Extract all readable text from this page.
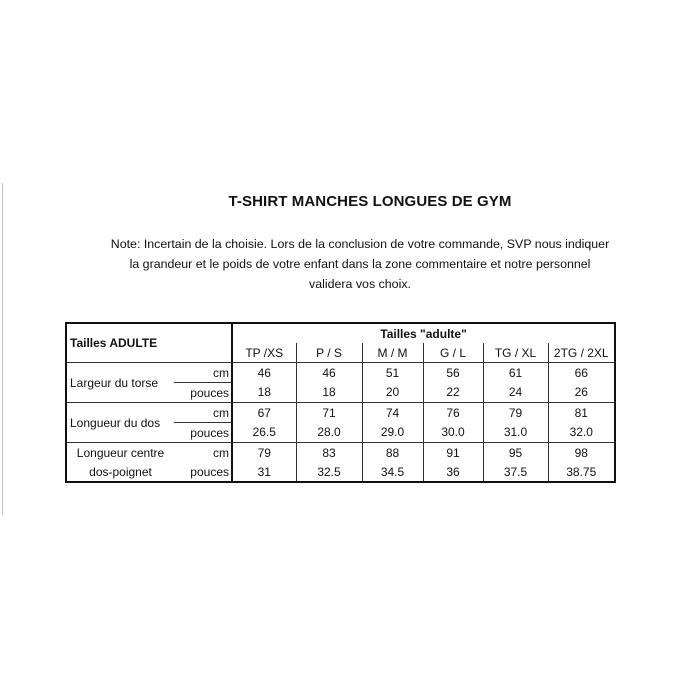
T-SHIRT MANCHES LONGUES DE GYM
Note: Incertain de la choisie. Lors de la conclusion de votre commande, SVP nous indiquer
la grandeur et le poids de votre enfant dans la zone commentaire et notre personnel
validera vos choix.
Tailles ADULTE		Tailles "adulte"					
		TP /XS	P / S	M / M	G / L	TG / XL	2TG / 2XL
Largeur du torse	cm	46	46	51	56	61	66
	pouces	18	18	20	22	24	26
Longueur du dos	cm	67	71	74	76	79	81
	pouces	26.5	28.0	29.0	30.0	31.0	32.0
Longueur centre	cm	79	83	88	91	95	98
dos-poignet	pouces	31	32.5	34.5	36	37.5	38.75
